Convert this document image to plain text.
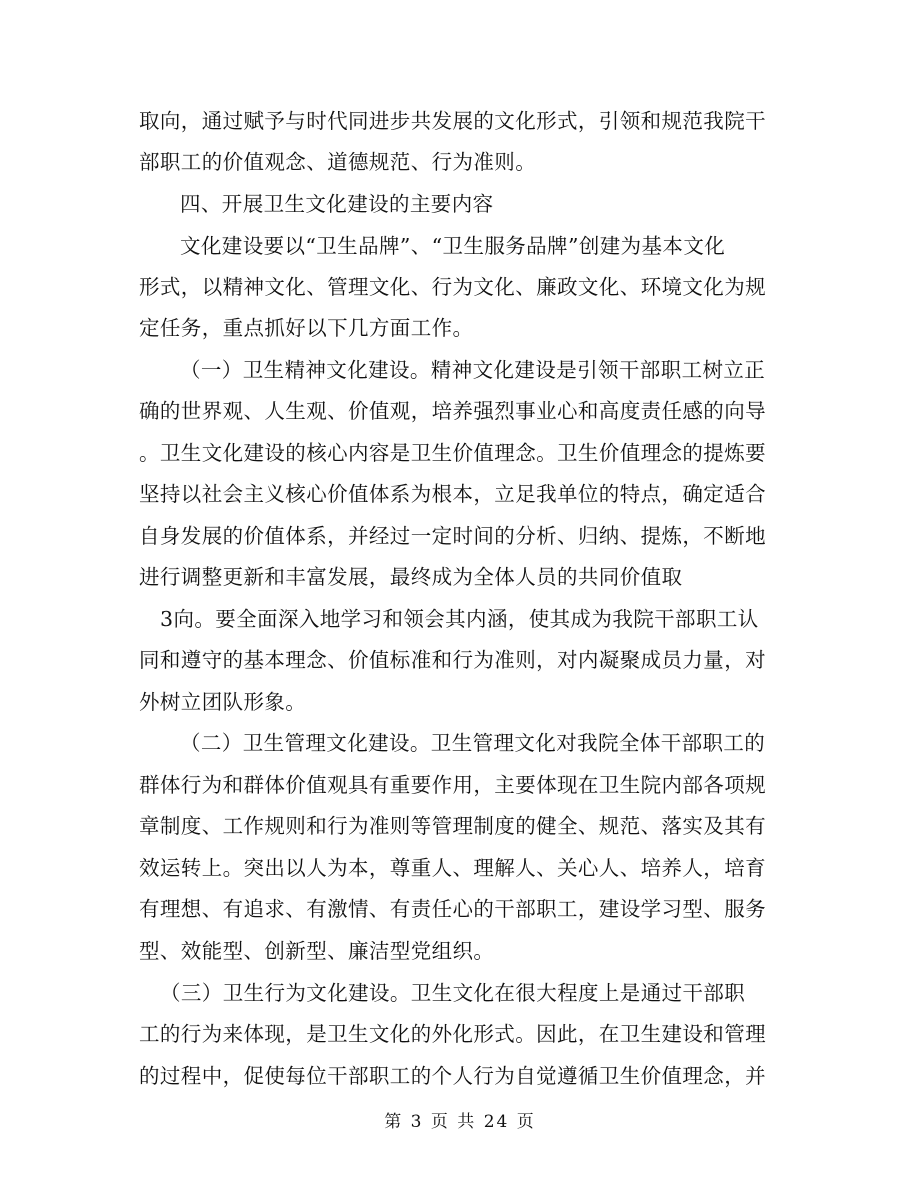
取向，通过赋予与时代同进步共发展的文化形式，引领和规范我院干
部职工的价值观念、道德规范、行为准则。
四、开展卫生文化建设的主要内容
文化建设要以“卫生品牌”、“卫生服务品牌”创建为基本文化
形式，以精神文化、管理文化、行为文化、廉政文化、环境文化为规
定任务，重点抓好以下几方面工作。
（一）卫生精神文化建设。精神文化建设是引领干部职工树立正
确的世界观、人生观、价值观，培养强烈事业心和高度责任感的向导
。卫生文化建设的核心内容是卫生价值理念。卫生价值理念的提炼要
坚持以社会主义核心价值体系为根本，立足我单位的特点，确定适合
自身发展的价值体系，并经过一定时间的分析、归纳、提炼，不断地
进行调整更新和丰富发展，最终成为全体人员的共同价值取
3向。要全面深入地学习和领会其内涵，使其成为我院干部职工认
同和遵守的基本理念、价值标准和行为准则，对内凝聚成员力量，对
外树立团队形象。
（二）卫生管理文化建设。卫生管理文化对我院全体干部职工的
群体行为和群体价值观具有重要作用，主要体现在卫生院内部各项规
章制度、工作规则和行为准则等管理制度的健全、规范、落实及其有
效运转上。突出以人为本，尊重人、理解人、关心人、培养人，培育
有理想、有追求、有激情、有责任心的干部职工，建设学习型、服务
型、效能型、创新型、廉洁型党组织。
（三）卫生行为文化建设。卫生文化在很大程度上是通过干部职
工的行为来体现，是卫生文化的外化形式。因此，在卫生建设和管理
的过程中，促使每位干部职工的个人行为自觉遵循卫生价值理念，并
第 3 页 共 24 页
